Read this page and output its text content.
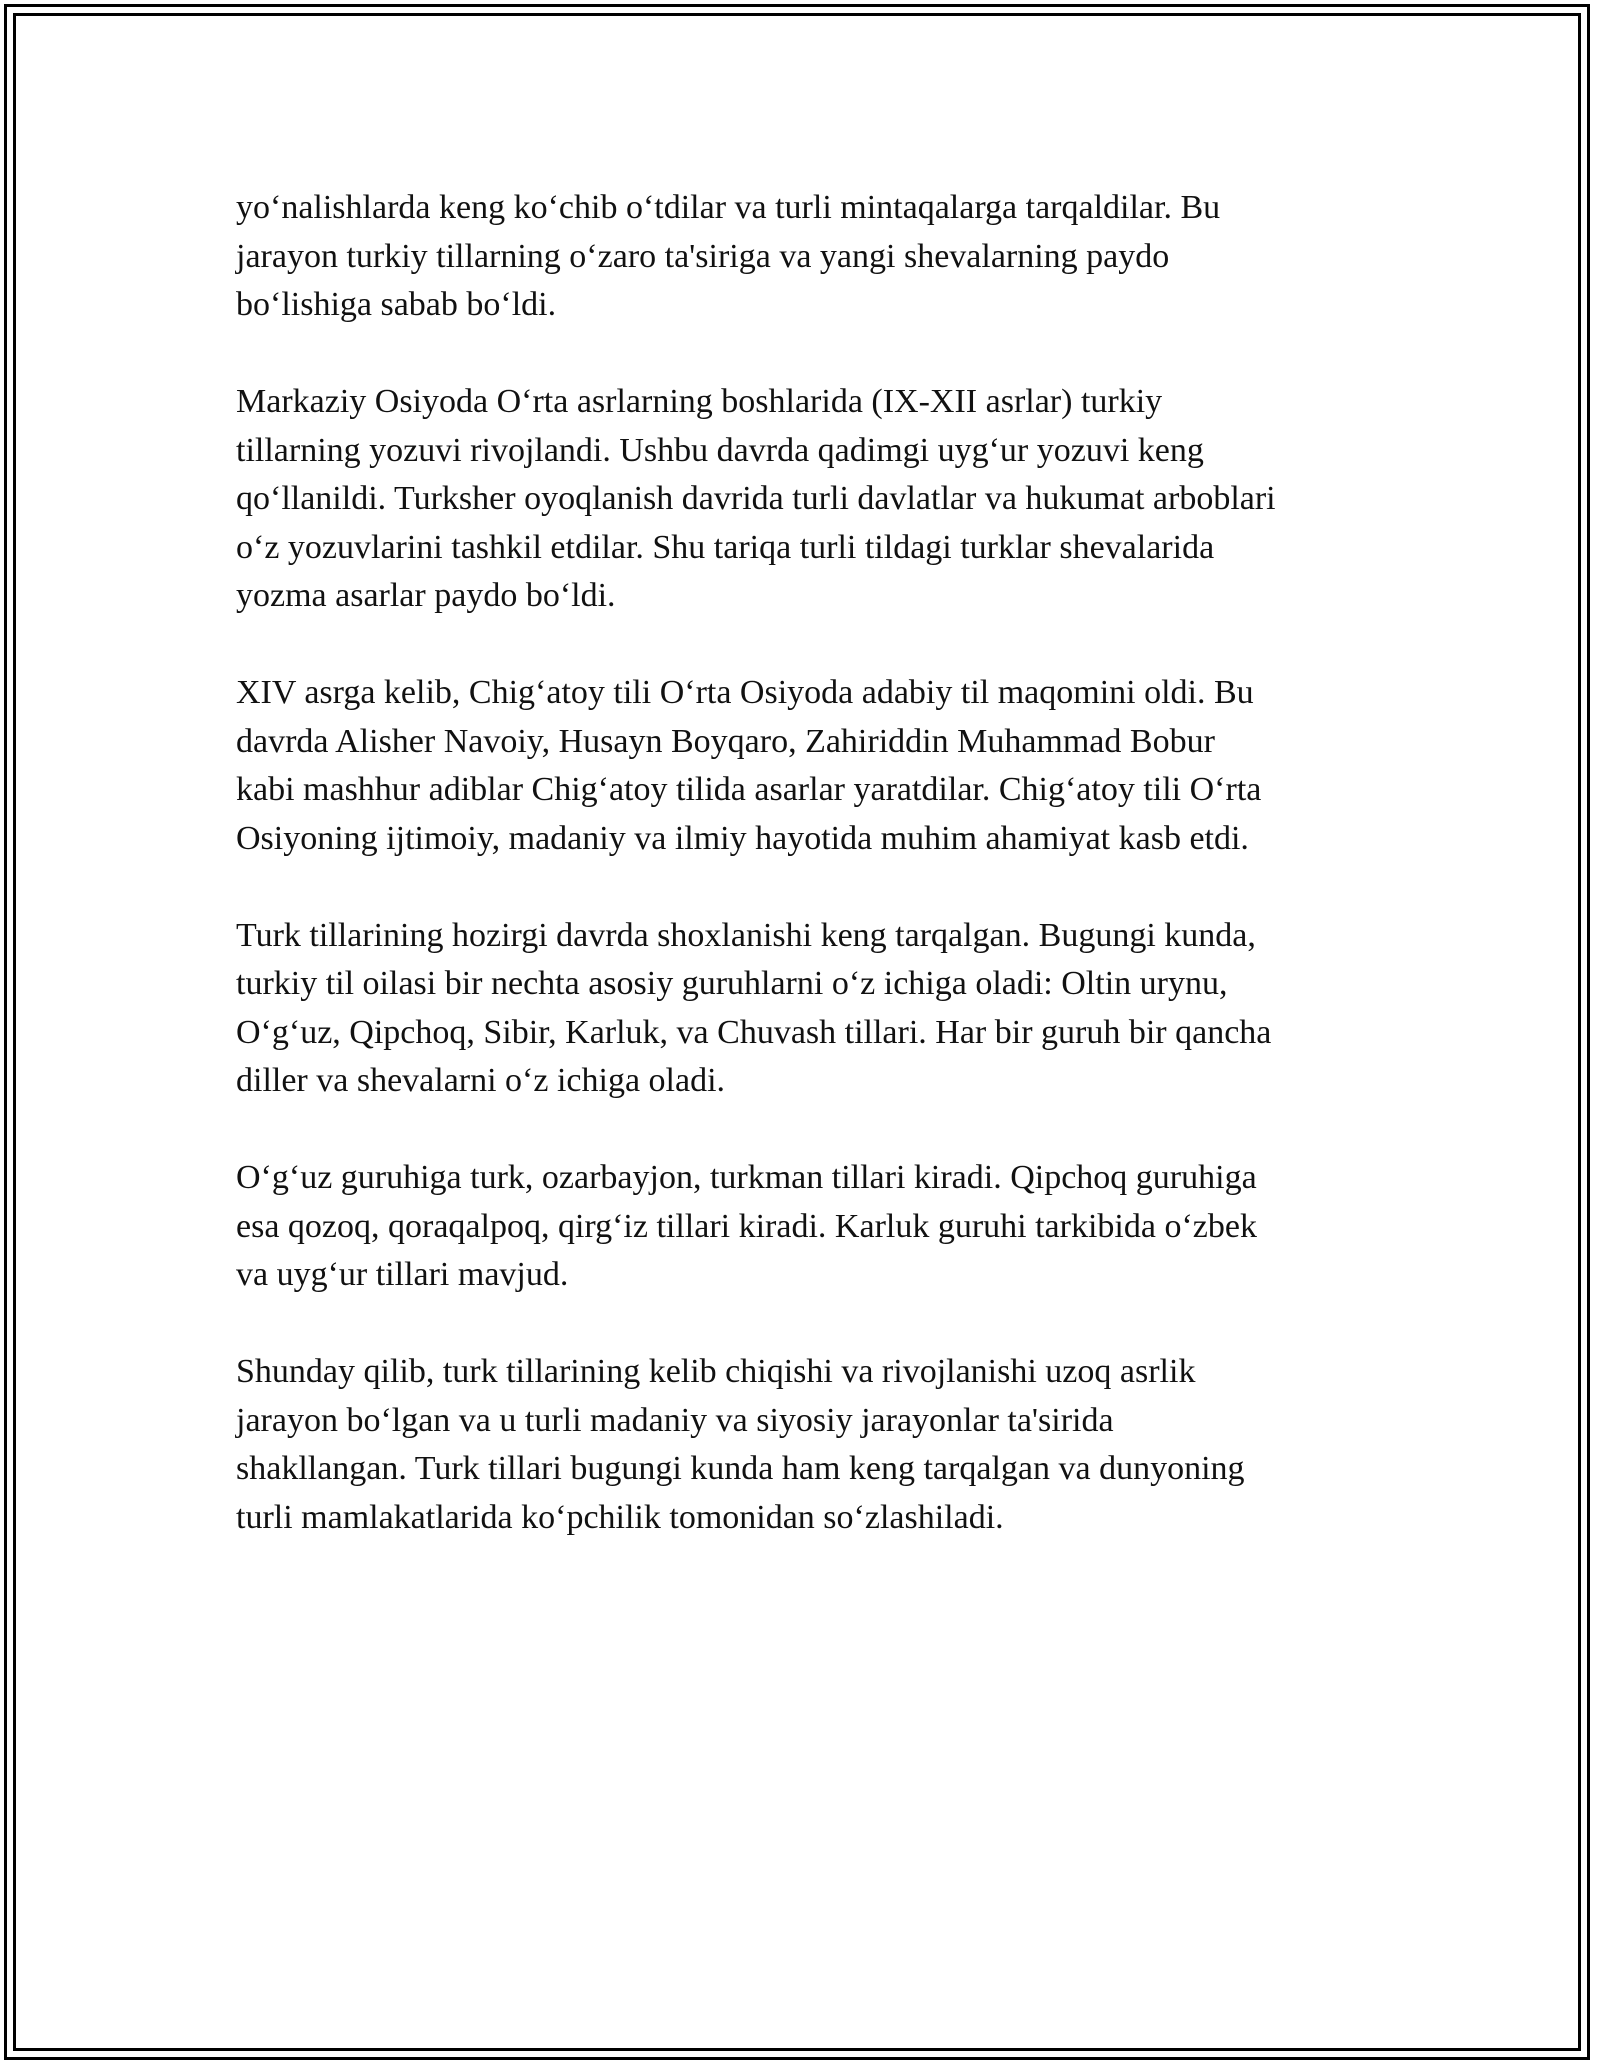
yo‘nalishlarda keng ko‘chib o‘tdilar va turli mintaqalarga tarqaldilar. Bu
jarayon turkiy tillarning o‘zaro ta'siriga va yangi shevalarning paydo
bo‘lishiga sabab bo‘ldi.

Markaziy Osiyoda O‘rta asrlarning boshlarida (IX-XII asrlar) turkiy
tillarning yozuvi rivojlandi. Ushbu davrda qadimgi uyg‘ur yozuvi keng
qo‘llanildi. Turksher oyoqlanish davrida turli davlatlar va hukumat arboblari
o‘z yozuvlarini tashkil etdilar. Shu tariqa turli tildagi turklar shevalarida
yozma asarlar paydo bo‘ldi.

XIV asrga kelib, Chig‘atoy tili O‘rta Osiyoda adabiy til maqomini oldi. Bu
davrda Alisher Navoiy, Husayn Boyqaro, Zahiriddin Muhammad Bobur
kabi mashhur adiblar Chig‘atoy tilida asarlar yaratdilar. Chig‘atoy tili O‘rta
Osiyoning ijtimoiy, madaniy va ilmiy hayotida muhim ahamiyat kasb etdi.

Turk tillarining hozirgi davrda shoxlanishi keng tarqalgan. Bugungi kunda,
turkiy til oilasi bir nechta asosiy guruhlarni o‘z ichiga oladi: Oltin urynu,
O‘g‘uz, Qipchoq, Sibir, Karluk, va Chuvash tillari. Har bir guruh bir qancha
diller va shevalarni o‘z ichiga oladi.

O‘g‘uz guruhiga turk, ozarbayjon, turkman tillari kiradi. Qipchoq guruhiga
esa qozoq, qoraqalpoq, qirg‘iz tillari kiradi. Karluk guruhi tarkibida o‘zbek
va uyg‘ur tillari mavjud.

Shunday qilib, turk tillarining kelib chiqishi va rivojlanishi uzoq asrlik
jarayon bo‘lgan va u turli madaniy va siyosiy jarayonlar ta'sirida
shakllangan. Turk tillari bugungi kunda ham keng tarqalgan va dunyoning
turli mamlakatlarida ko‘pchilik tomonidan so‘zlashiladi.
